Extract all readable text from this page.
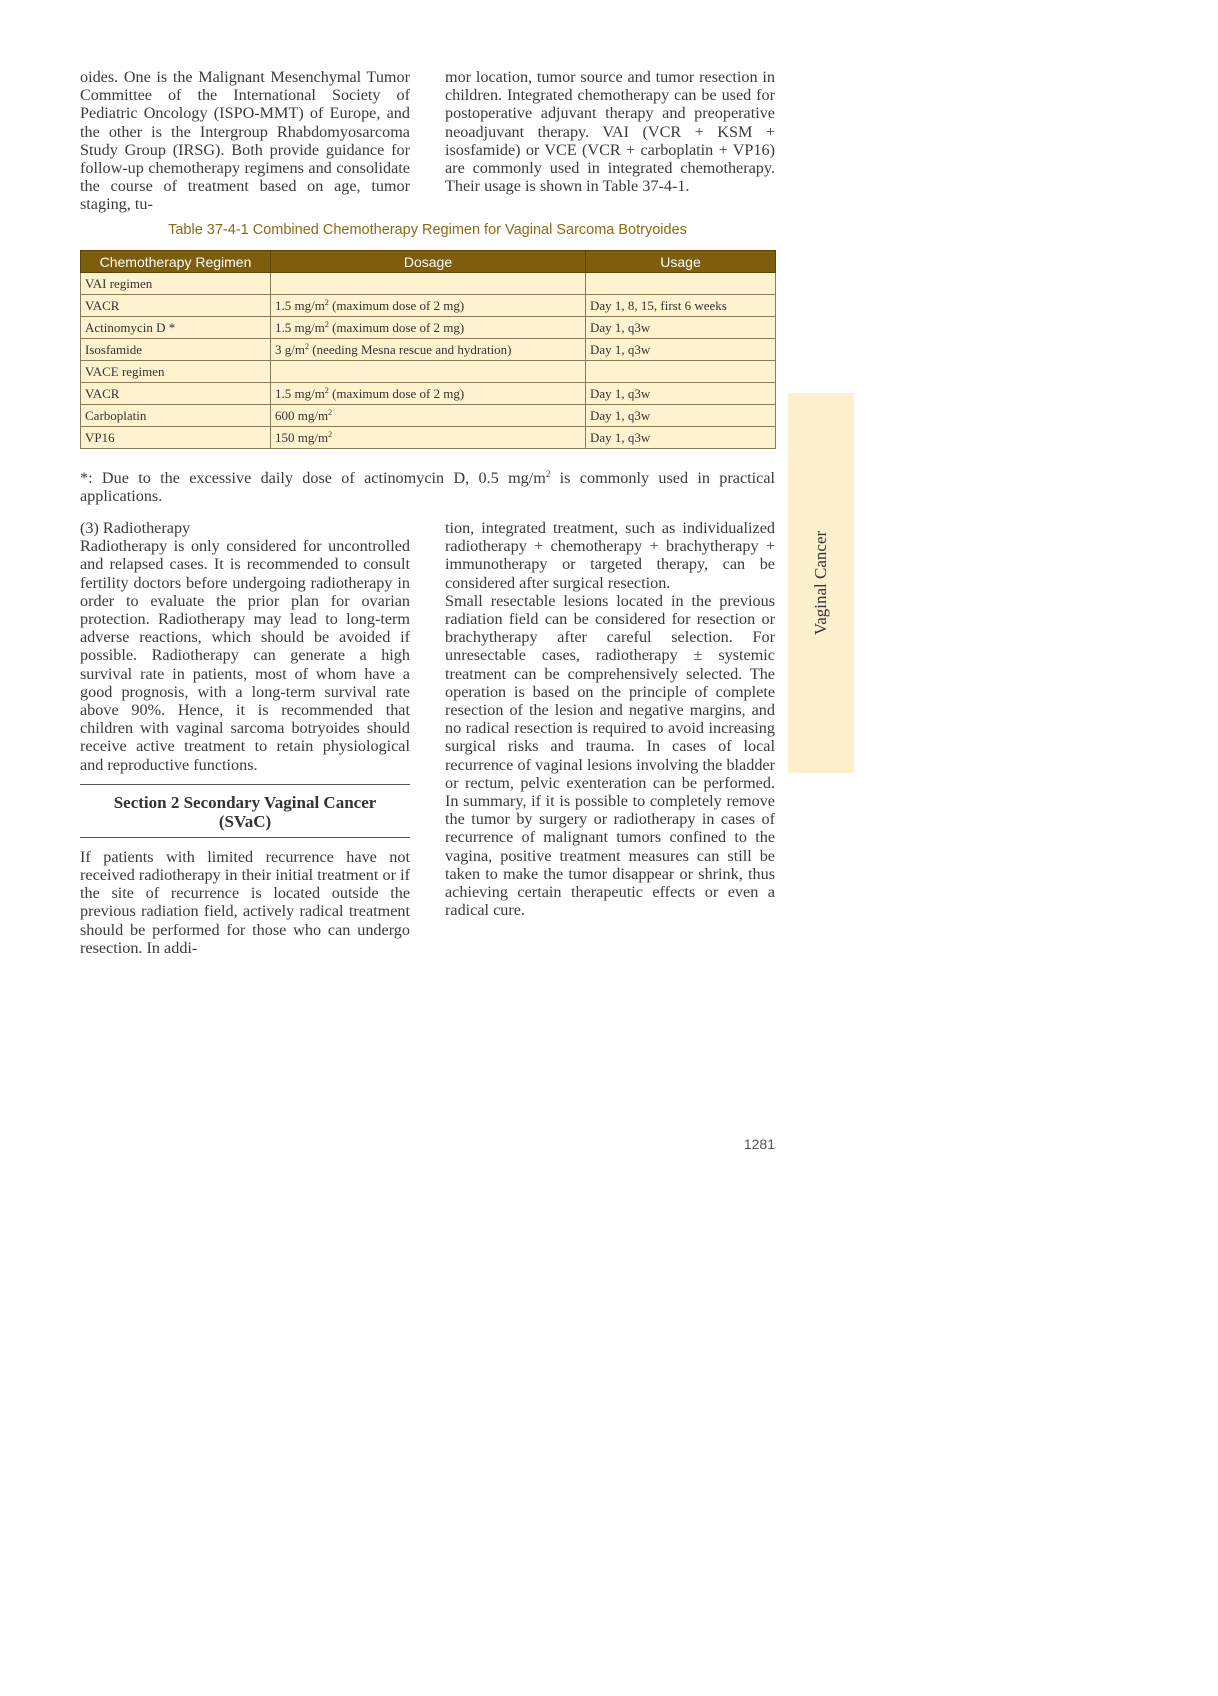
oides. One is the Malignant Mesenchymal Tumor Committee of the International Society of Pediatric Oncology (ISPO-MMT) of Europe, and the other is the Intergroup Rhabdomyosarcoma Study Group (IRSG). Both provide guidance for follow-up chemotherapy regimens and consolidate the course of treatment based on age, tumor staging, tu-

mor location, tumor source and tumor resection in children. Integrated chemotherapy can be used for postoperative adjuvant therapy and preoperative neoadjuvant therapy. VAI (VCR + KSM + isosfamide) or VCE (VCR + carboplatin + VP16) are commonly used in integrated chemotherapy. Their usage is shown in Table 37-4-1.

Table 37-4-1 Combined Chemotherapy Regimen for Vaginal Sarcoma Botryoides
Chemotherapy Regimen	Dosage	Usage
VAI regimen		
VACR	1.5 $mg/m^2$ (maximum dose of 2 mg)	Day 1, 8, 15, first 6 weeks
Actinomycin D *	1.5 $mg/m^2$ (maximum dose of 2 mg)	Day 1, q3w
Isosfamide	3 $g/m^2$ (needing Mesna rescue and hydration)	Day 1, q3w
VACE regimen		
VACR	1.5 $mg/m^2$ (maximum dose of 2 mg)	Day 1, q3w
Carboplatin	600 $mg/m^2$	Day 1, q3w
VP16	150 $mg/m^2$	Day 1, q3w
*: Due to the excessive daily dose of actinomycin D, 0.5 $mg/m^2$ is commonly used in practical applications.

(3) Radiotherapy

Radiotherapy is only considered for uncontrolled and relapsed cases. It is recommended to consult fertility doctors before undergoing radiotherapy in order to evaluate the prior plan for ovarian protection. Radiotherapy may lead to long-term adverse reactions, which should be avoided if possible. Radiotherapy can generate a high survival rate in patients, most of whom have a good prognosis, with a long-term survival rate above 90%. Hence, it is recommended that children with vaginal sarcoma botryoides should receive active treatment to retain physiological and reproductive functions.

Section 2 Secondary Vaginal Cancer
(SVaC)

If patients with limited recurrence have not received radiotherapy in their initial treatment or if the site of recurrence is located outside the previous radiation field, actively radical treatment should be performed for those who can undergo resection. In addi-

tion, integrated treatment, such as individualized radiotherapy + chemotherapy + brachytherapy + immunotherapy or targeted therapy, can be considered after surgical resection.

Small resectable lesions located in the previous radiation field can be considered for resection or brachytherapy after careful selection. For unresectable cases, radiotherapy ± systemic treatment can be comprehensively selected. The operation is based on the principle of complete resection of the lesion and negative margins, and no radical resection is required to avoid increasing surgical risks and trauma. In cases of local recurrence of vaginal lesions involving the bladder or rectum, pelvic exenteration can be performed. In summary, if it is possible to completely remove the tumor by surgery or radiotherapy in cases of recurrence of malignant tumors confined to the vagina, positive treatment measures can still be taken to make the tumor disappear or shrink, thus achieving certain therapeutic effects or even a radical cure.

Vaginal Cancer
1281
